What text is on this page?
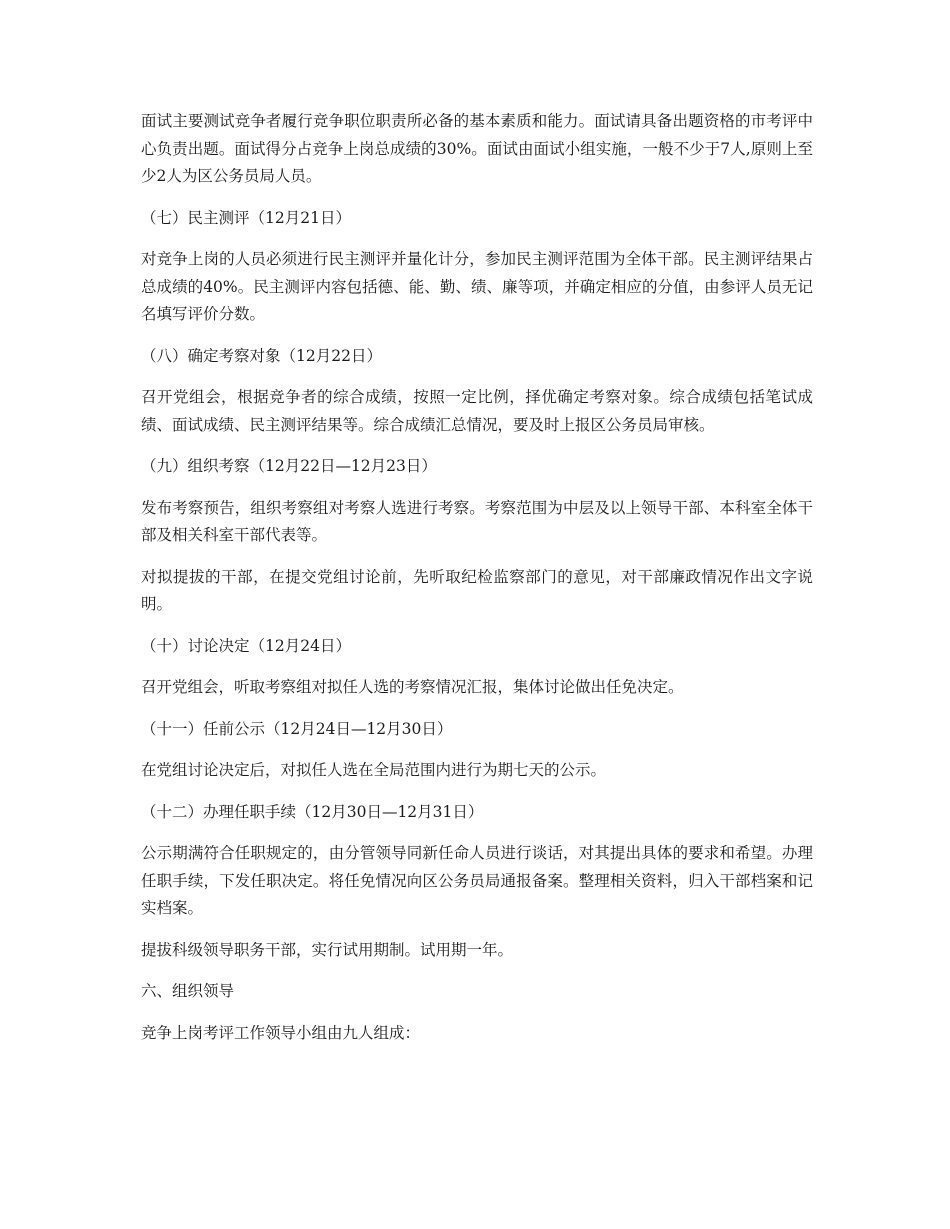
面试主要测试竞争者履行竞争职位职责所必备的基本素质和能力。面试请具备出题资格的市考评中心负责出题。面试得分占竞争上岗总成绩的30%。面试由面试小组实施，一般不少于7人,原则上至少2人为区公务员局人员。

（七）民主测评（12月21日）

对竞争上岗的人员必须进行民主测评并量化计分，参加民主测评范围为全体干部。民主测评结果占总成绩的40%。民主测评内容包括德、能、勤、绩、廉等项，并确定相应的分值，由参评人员无记名填写评价分数。

（八）确定考察对象（12月22日）

召开党组会，根据竞争者的综合成绩，按照一定比例，择优确定考察对象。综合成绩包括笔试成绩、面试成绩、民主测评结果等。综合成绩汇总情况，要及时上报区公务员局审核。

（九）组织考察（12月22日—12月23日）

发布考察预告，组织考察组对考察人选进行考察。考察范围为中层及以上领导干部、本科室全体干部及相关科室干部代表等。

对拟提拔的干部，在提交党组讨论前，先听取纪检监察部门的意见，对干部廉政情况作出文字说明。

（十）讨论决定（12月24日）

召开党组会，听取考察组对拟任人选的考察情况汇报，集体讨论做出任免决定。

（十一）任前公示（12月24日—12月30日）

在党组讨论决定后，对拟任人选在全局范围内进行为期七天的公示。

（十二）办理任职手续（12月30日—12月31日）

公示期满符合任职规定的，由分管领导同新任命人员进行谈话，对其提出具体的要求和希望。办理任职手续，下发任职决定。将任免情况向区公务员局通报备案。整理相关资料，归入干部档案和记实档案。

提拔科级领导职务干部，实行试用期制。试用期一年。

六、组织领导

竞争上岗考评工作领导小组由九人组成：
